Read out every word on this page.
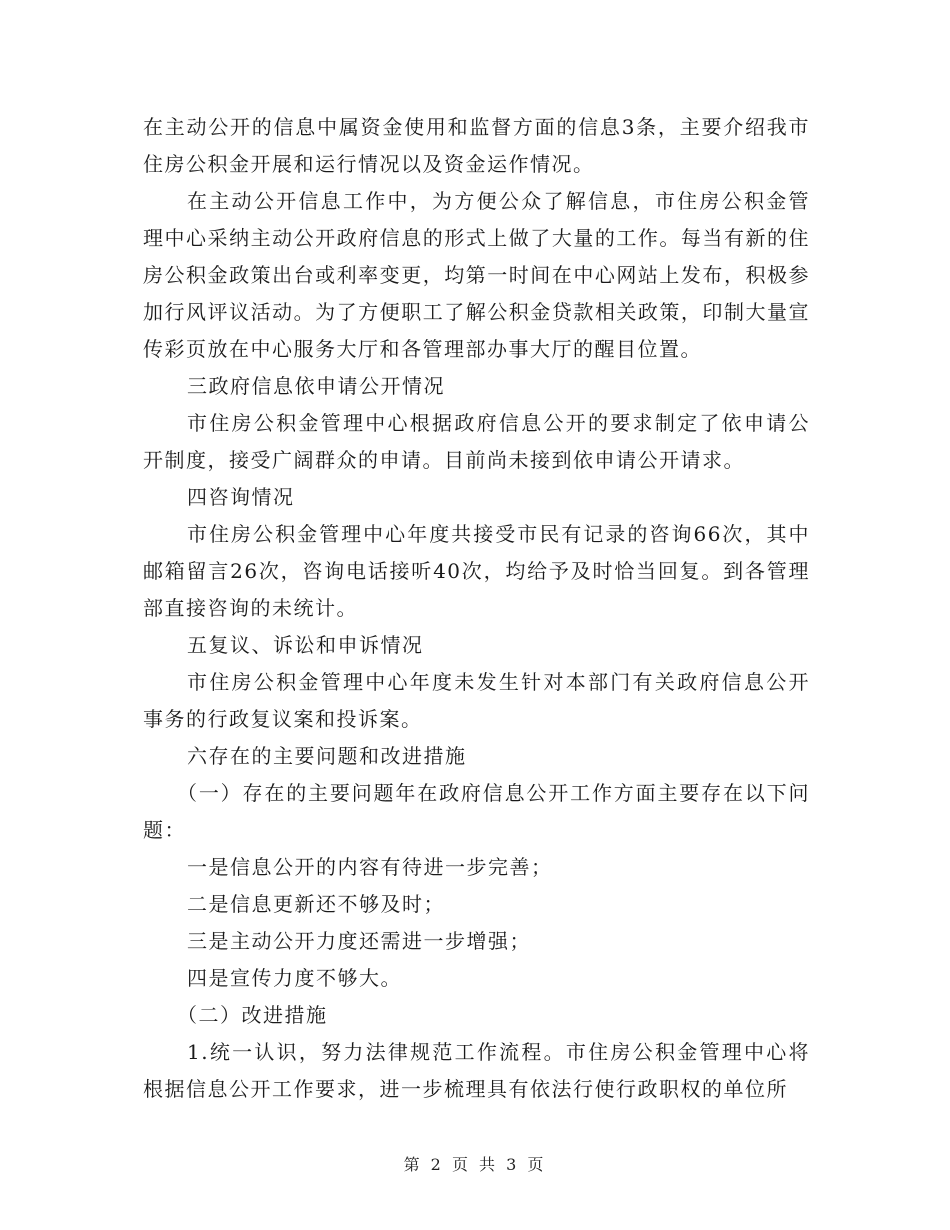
在主动公开的信息中属资金使用和监督方面的信息3条，主要介绍我市住房公积金开展和运行情况以及资金运作情况。

在主动公开信息工作中，为方便公众了解信息，市住房公积金管理中心采纳主动公开政府信息的形式上做了大量的工作。每当有新的住房公积金政策出台或利率变更，均第一时间在中心网站上发布，积极参加行风评议活动。为了方便职工了解公积金贷款相关政策，印制大量宣传彩页放在中心服务大厅和各管理部办事大厅的醒目位置。

三政府信息依申请公开情况

市住房公积金管理中心根据政府信息公开的要求制定了依申请公开制度，接受广阔群众的申请。目前尚未接到依申请公开请求。

四咨询情况

市住房公积金管理中心年度共接受市民有记录的咨询66次，其中邮箱留言26次，咨询电话接听40次，均给予及时恰当回复。到各管理部直接咨询的未统计。

五复议、诉讼和申诉情况

市住房公积金管理中心年度未发生针对本部门有关政府信息公开事务的行政复议案和投诉案。

六存在的主要问题和改进措施

（一）存在的主要问题年在政府信息公开工作方面主要存在以下问题：

一是信息公开的内容有待进一步完善；

二是信息更新还不够及时；

三是主动公开力度还需进一步增强；

四是宣传力度不够大。

（二）改进措施

1.统一认识，努力法律规范工作流程。市住房公积金管理中心将根据信息公开工作要求，进一步梳理具有依法行使行政职权的单位所

第 2 页 共 3 页
